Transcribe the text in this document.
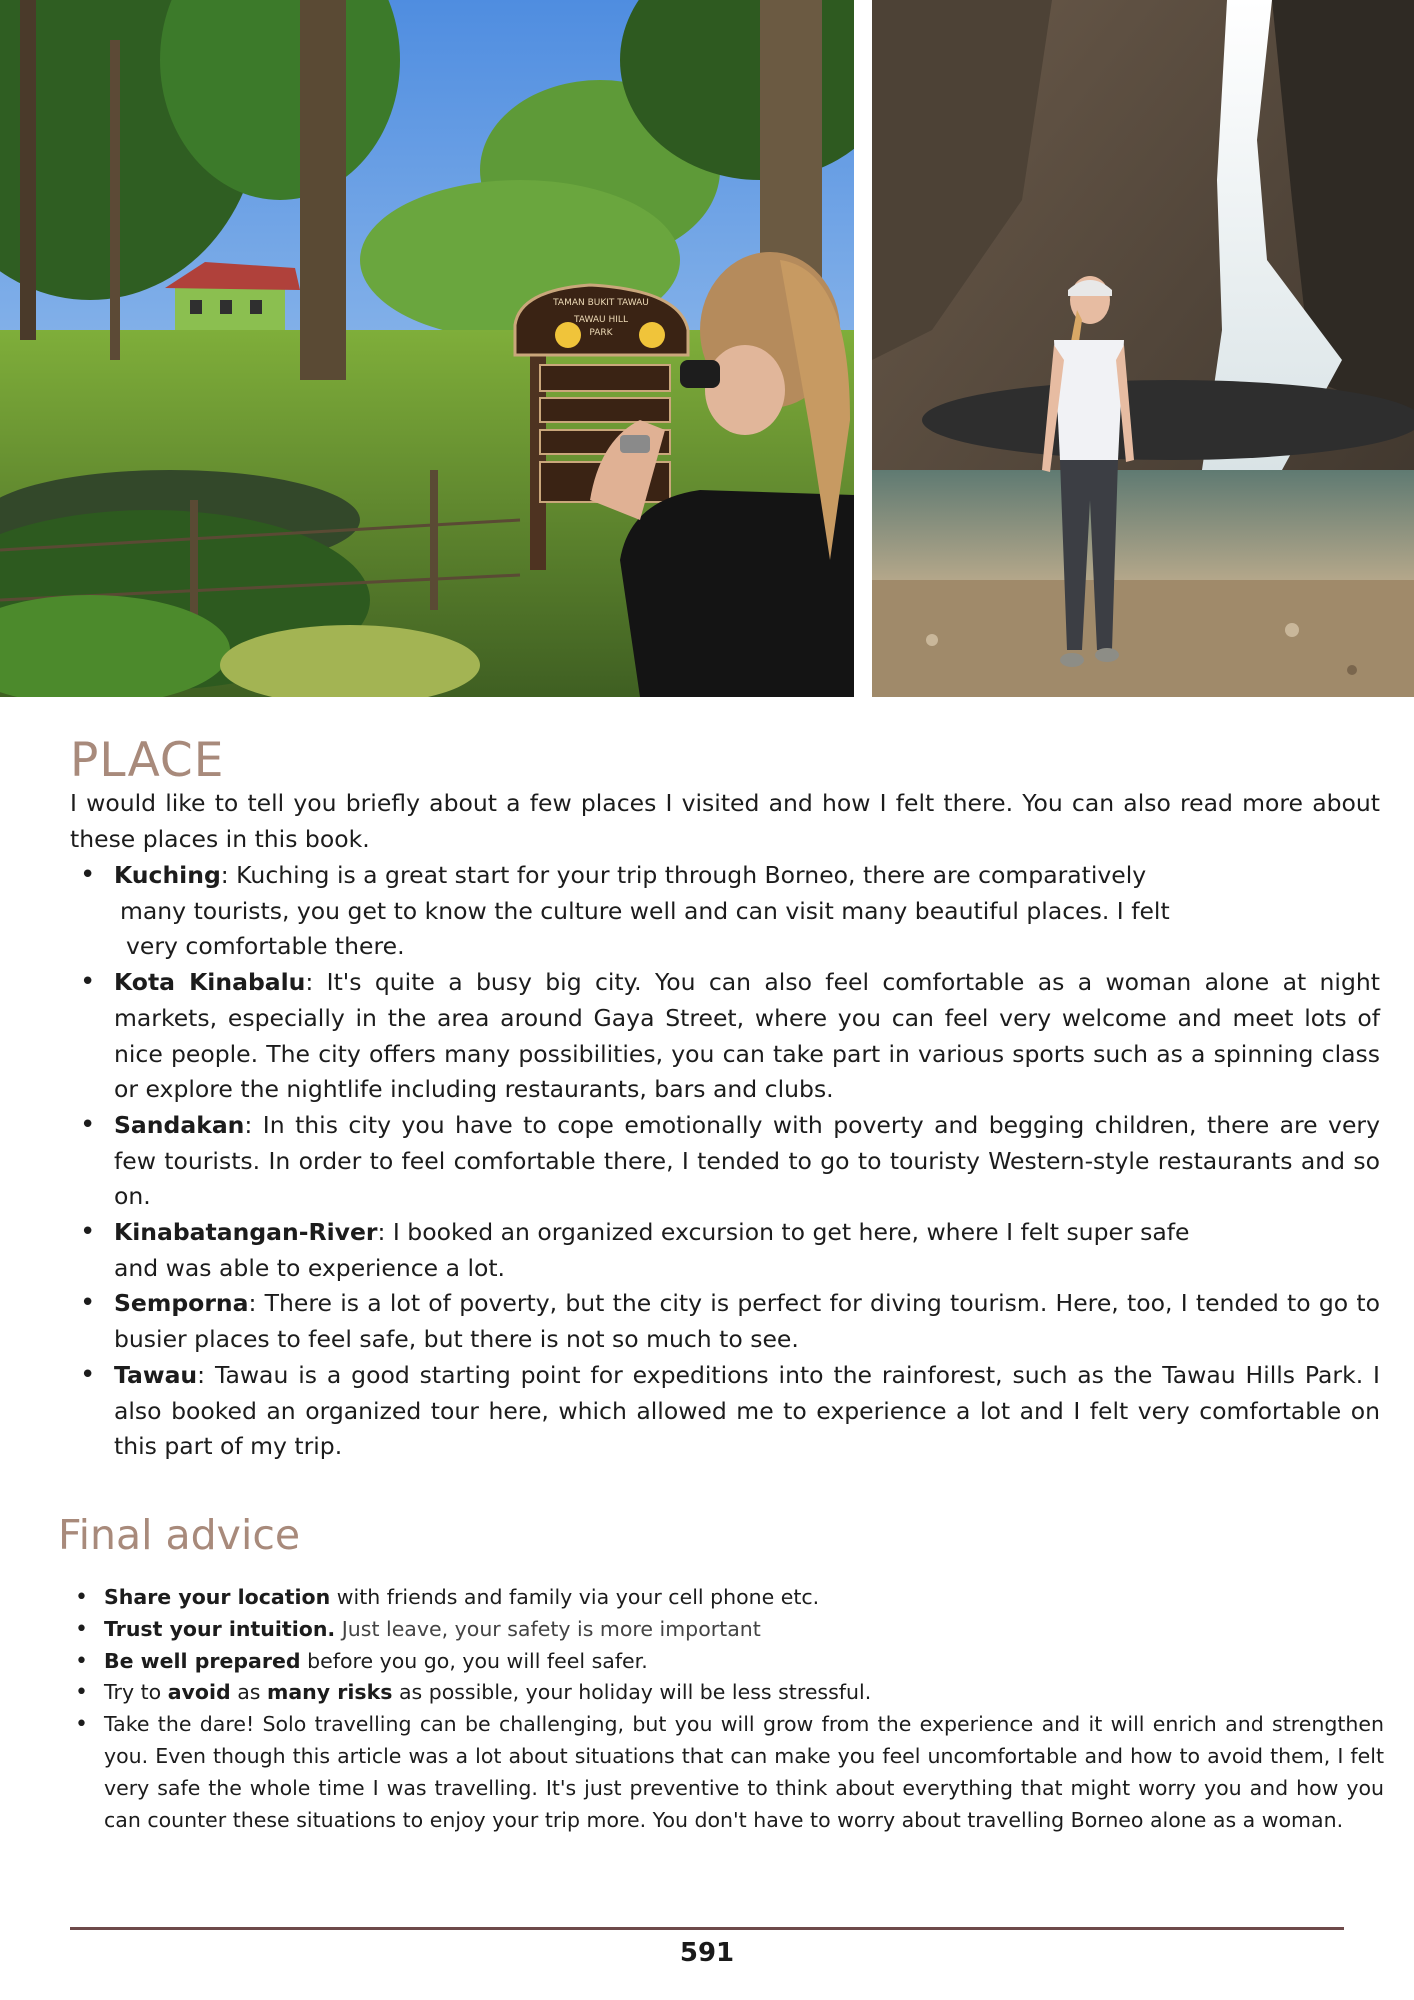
TAMAN BUKIT TAWAU
TAWAU HILL
PARK
PLACE

I would like to tell you briefly about a few places I visited and how I felt there. You can also read more about these places in this book.

• Kuching: Kuching is a great start for your trip through Borneo, there are comparatively
many tourists, you get to know the culture well and can visit many beautiful places. I felt
very comfortable there.
• Kota Kinabalu: It's quite a busy big city. You can also feel comfortable as a woman alone at night markets, especially in the area around Gaya Street, where you can feel very welcome and meet lots of nice people. The city offers many possibilities, you can take part in various sports such as a spinning class or explore the nightlife including restaurants, bars and clubs.
• Sandakan: In this city you have to cope emotionally with poverty and begging children, there are very few tourists. In order to feel comfortable there, I tended to go to touristy Western-style restaurants and so on.
• Kinabatangan-River: I booked an organized excursion to get here, where I felt super safe
and was able to experience a lot.
• Semporna: There is a lot of poverty, but the city is perfect for diving tourism. Here, too, I tended to go to busier places to feel safe, but there is not so much to see.
• Tawau: Tawau is a good starting point for expeditions into the rainforest, such as the Tawau Hills Park. I also booked an organized tour here, which allowed me to experience a lot and I felt very comfortable on this part of my trip.
Final advice
• Share your location with friends and family via your cell phone etc.
• Trust your intuition. Just leave, your safety is more important
• Be well prepared before you go, you will feel safer.
• Try to avoid as many risks as possible, your holiday will be less stressful.
• Take the dare! Solo travelling can be challenging, but you will grow from the experience and it will enrich and strengthen you. Even though this article was a lot about situations that can make you feel uncomfortable and how to avoid them, I felt very safe the whole time I was travelling. It's just preventive to think about everything that might worry you and how you can counter these situations to enjoy your trip more. You don't have to worry about travelling Borneo alone as a woman.
591
